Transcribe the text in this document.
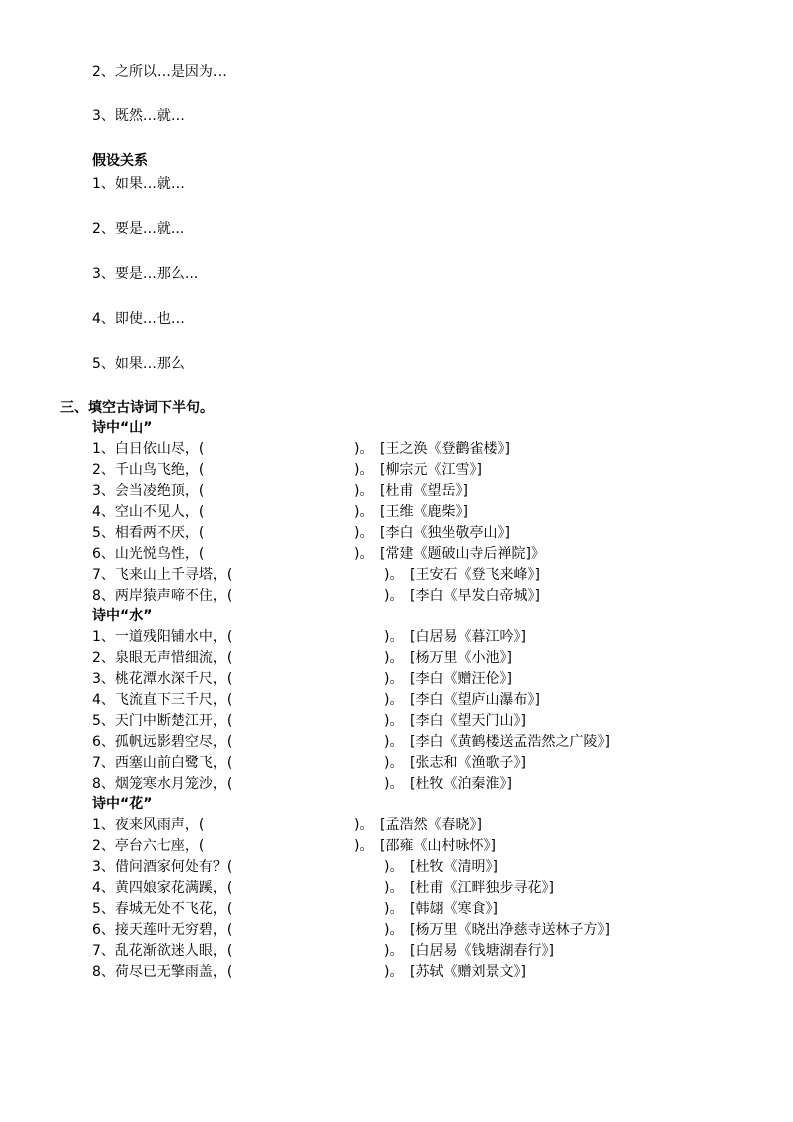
2、之所以…是因为…
3、既然…就…
假设关系
1、如果…就…
2、要是…就...
3、要是…那么...
4、即使…也…
5、如果…那么
三、填空古诗词下半句。
诗中“山”
1、白日依山尽，(	)。 [王之涣《登鹳雀楼》]
2、千山鸟飞绝，(	)。 [柳宗元《江雪》]
3、会当凌绝顶，(	)。 [杜甫《望岳》]
4、空山不见人，(	)。 [王维《鹿柴》]
5、相看两不厌，(	)。 [李白《独坐敬亭山》]
6、山光悦鸟性，(	)。 [常建《题破山寺后禅院]》
7、飞来山上千寻塔，(	)。 [王安石《登飞来峰》]
8、两岸猿声啼不住，(	)。 [李白《早发白帝城》]
诗中“水”
1、一道残阳铺水中，(	)。 [白居易《暮江吟》]
2、泉眼无声惜细流，(	)。 [杨万里《小池》]
3、桃花潭水深千尺，(	)。 [李白《赠汪伦》]
4、飞流直下三千尺，(	)。 [李白《望庐山瀑布》]
5、天门中断楚江开，(	)。 [李白《望天门山》]
6、孤帆远影碧空尽，(	)。 [李白《黄鹤楼送孟浩然之广陵》]
7、西塞山前白鹭飞，(	)。 [张志和《渔歌子》]
8、烟笼寒水月笼沙，(	)。 [杜牧《泊秦淮》]
诗中“花”
1、夜来风雨声，(	)。 [孟浩然《春晓》]
2、亭台六七座，(	)。 [邵雍《山村咏怀》]
3、借问酒家何处有？(	)。 [杜牧《清明》]
4、黄四娘家花满蹊，(	)。 [杜甫《江畔独步寻花》]
5、春城无处不飞花，(	)。 [韩翃《寒食》]
6、接天莲叶无穷碧，(	)。 [杨万里《晓出净慈寺送林子方》]
7、乱花渐欲迷人眼，(	)。 [白居易《钱塘湖春行》]
8、荷尽已无擎雨盖，(	)。 [苏轼《赠刘景文》]
